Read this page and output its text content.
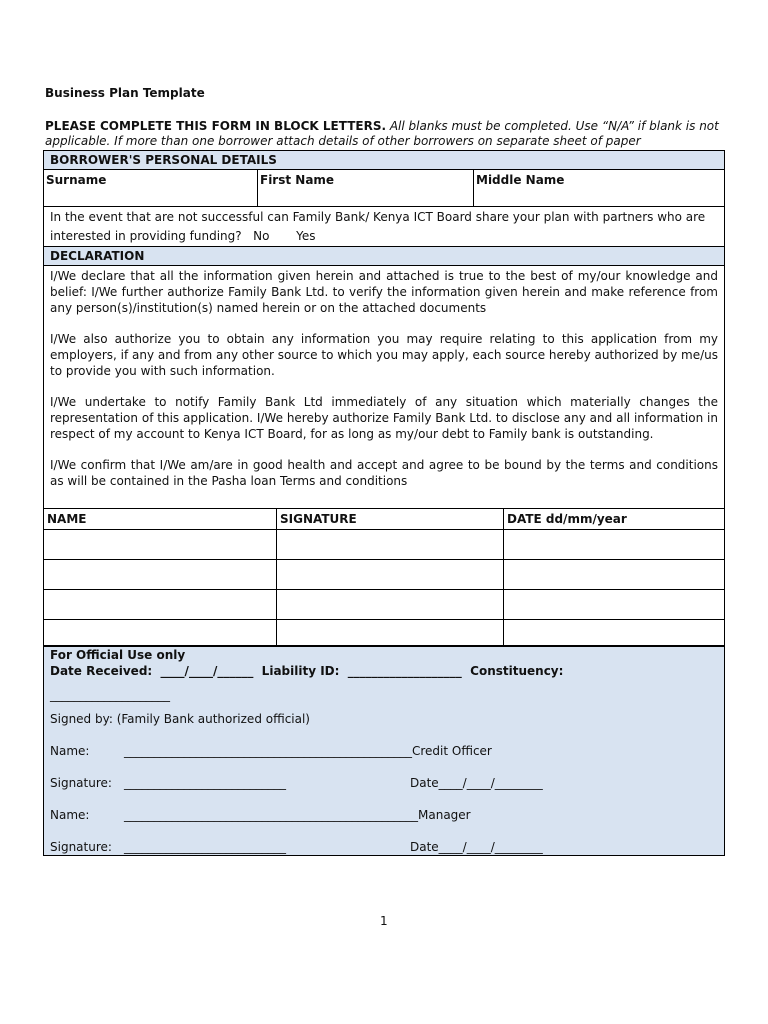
Business Plan Template
PLEASE COMPLETE THIS FORM IN BLOCK LETTERS. All blanks must be completed. Use “N/A” if blank is not applicable. If more than one borrower attach details of other borrowers on separate sheet of paper
BORROWER'S PERSONAL DETAILS
Surname	First Name	Middle Name
In the event that are not successful can Family Bank/ Kenya ICT Board share your plan with partners who are interested in providing funding? No Yes
DECLARATION

I/We declare that all the information given herein and attached is true to the best of my/our knowledge and belief: I/We further authorize Family Bank Ltd. to verify the information given herein and make reference from any person(s)/institution(s) named herein or on the attached documents

I/We also authorize you to obtain any information you may require relating to this application from my employers, if any and from any other source to which you may apply, each source hereby authorized by me/us to provide you with such information.

I/We undertake to notify Family Bank Ltd immediately of any situation which materially changes the representation of this application. I/We hereby authorize Family Bank Ltd. to disclose any and all information in respect of my account to Kenya ICT Board, for as long as my/our debt to Family bank is outstanding.

I/We confirm that I/We am/are in good health and accept and agree to be bound by the terms and conditions as will be contained in the Pasha loan Terms and conditions

NAME	SIGNATURE	DATE dd/mm/year

For Official Use only
Date Received:  ____/____/______  Liability ID:  ___________________  Constituency:
____________________
Signed by: (Family Bank authorized official)
Name:	________________________________________________Credit Officer
Signature: ___________________________	Date____/____/________
Name:	_________________________________________________Manager
Signature: ___________________________	Date____/____/________
1
